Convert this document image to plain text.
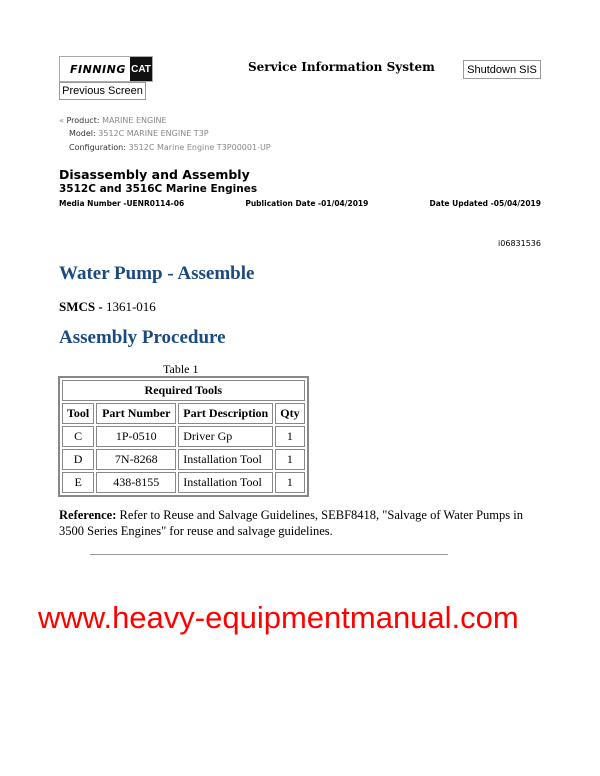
FINNING CAT	Service Information System	Shutdown SIS
Previous Screen
« Product: MARINE ENGINE
Model: 3512C MARINE ENGINE T3P
Configuration: 3512C Marine Engine T3P00001-UP
Disassembly and Assembly
3512C and 3516C Marine Engines
Media Number -UENR0114-06	Publication Date -01/04/2019	Date Updated -05/04/2019
i06831536
Water Pump - Assemble
SMCS - 1361-016
Assembly Procedure
Table 1
Required Tools			
Tool	Part Number	Part Description	Qty
C	1P-0510	Driver Gp	1
D	7N-8268	Installation Tool	1
E	438-8155	Installation Tool	1
Reference: Refer to Reuse and Salvage Guidelines, SEBF8418, "Salvage of Water Pumps in 3500 Series Engines" for reuse and salvage guidelines.
www.heavy-equipmentmanual.com
